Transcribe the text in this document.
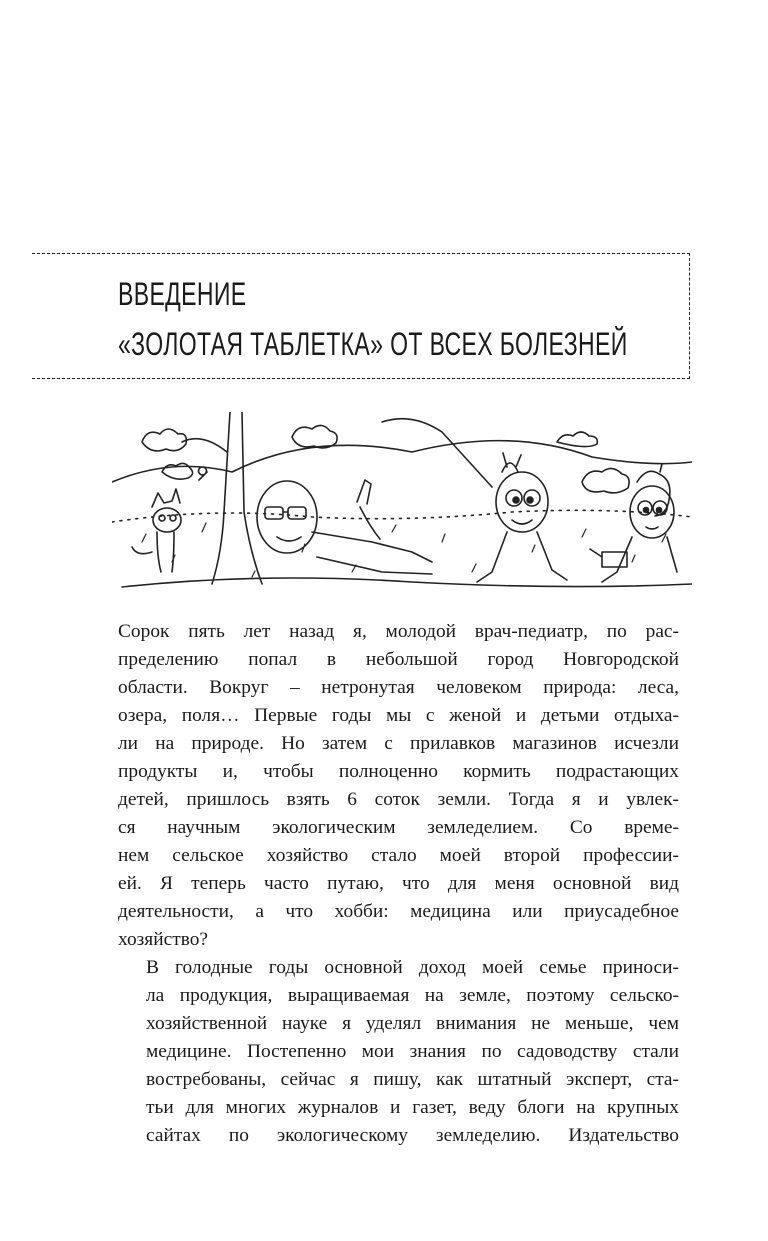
ВВЕДЕНИЕ
«ЗОЛОТАЯ ТАБЛЕТКА» ОТ ВСЕХ БОЛЕЗНЕЙ

Сорок пять лет назад я, молодой врач-педиатр, по рас-
пределению попал в небольшой город Новгородской
области. Вокруг – нетронутая человеком природа: леса,
озера, поля… Первые годы мы с женой и детьми отдыха-
ли на природе. Но затем с прилавков магазинов исчезли
продукты и, чтобы полноценно кормить подрастающих
детей, пришлось взять 6 соток земли. Тогда я и увлек-
ся научным экологическим земледелием. Со време-
нем сельское хозяйство стало моей второй профессии-
ей. Я теперь часто путаю, что для меня основной вид
деятельности, а что хобби: медицина или приусадебное
хозяйство?

В голодные годы основной доход моей семье приноси-
ла продукция, выращиваемая на земле, поэтому сельско-
хозяйственной науке я уделял внимания не меньше, чем
медицине. Постепенно мои знания по садоводству стали
востребованы, сейчас я пишу, как штатный эксперт, ста-
тьи для многих журналов и газет, веду блоги на крупных
сайтах по экологическому земледелию. Издательство
